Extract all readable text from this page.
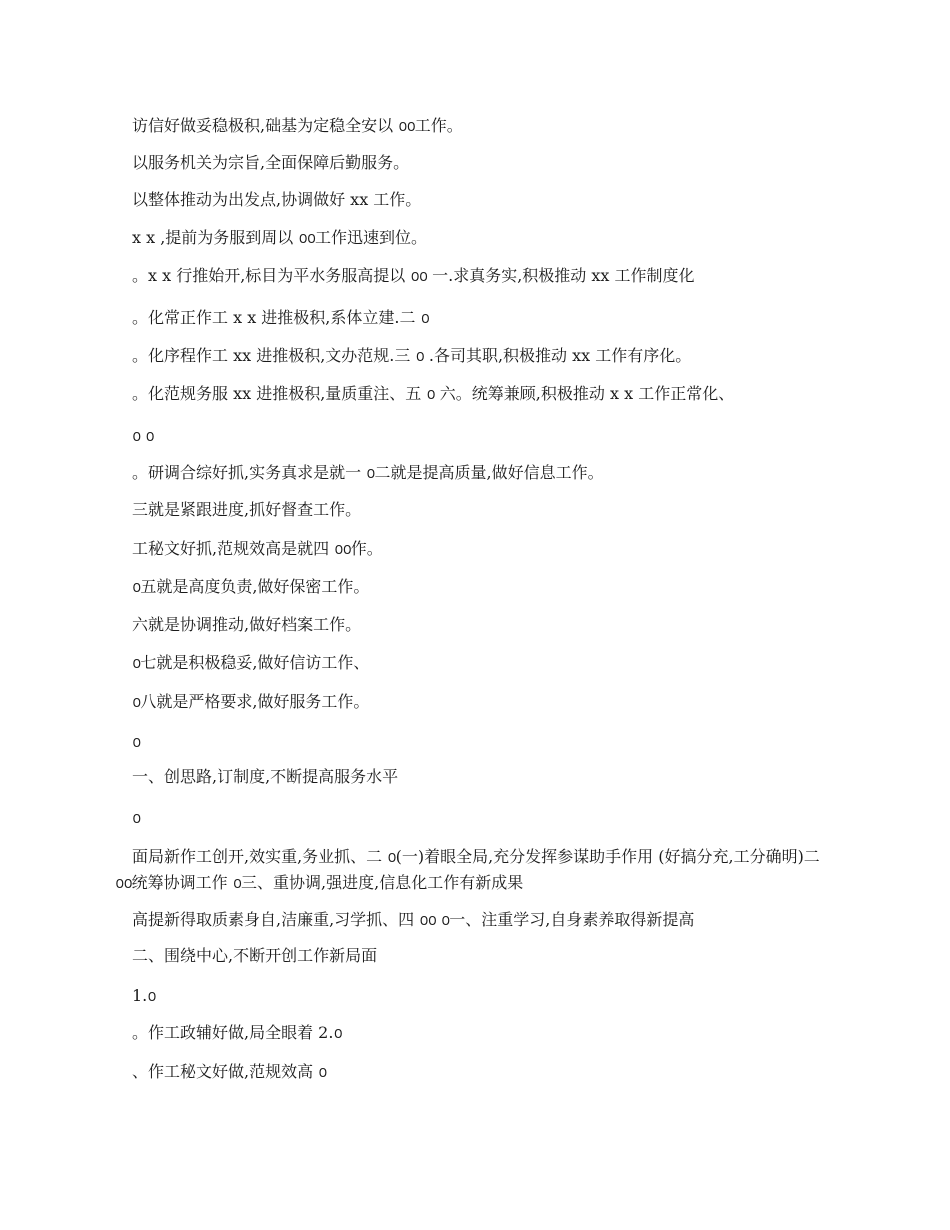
访信好做妥稳极积,础基为定稳全安以 ൦൦工作。
以服务机关为宗旨,全面保障后勤服务。
以整体推动为出发点,协调做好 xx 工作。
x x ,提前为务服到周以 ൦൦工作迅速到位。
。x x 行推始开,标目为平水务服高提以 ൦൦ 一.求真务实,积极推动 xx 工作制度化
。化常正作工 x x 进推极积,系体立建.二 ൦
。化序程作工 xx 进推极积,文办范规.三 ൦ .各司其职,积极推动 xx 工作有序化。
。化范规务服 xx 进推极积,量质重注、五 ൦ 六。统筹兼顾,积极推动 x x 工作正常化、
൦ ൦
。研调合综好抓,实务真求是就一 ൦二就是提高质量,做好信息工作。
三就是紧跟进度,抓好督查工作。
工秘文好抓,范规效高是就四 ൦൦作。
൦五就是高度负责,做好保密工作。
六就是协调推动,做好档案工作。
൦七就是积极稳妥,做好信访工作、
൦八就是严格要求,做好服务工作。
൦
一、创思路,订制度,不断提高服务水平
൦
面局新作工创开,效实重,务业抓、二 ൦(一)着眼全局,充分发挥参谋助手作用 (好搞分充,工分确明)二 ൦൦统筹协调工作 ൦三、重协调,强进度,信息化工作有新成果
高提新得取质素身自,洁廉重,习学抓、四 ൦൦ ൦一、注重学习,自身素养取得新提高
二、围绕中心,不断开创工作新局面
1.൦
。作工政辅好做,局全眼着 2.൦
、作工秘文好做,范规效高 ൦
